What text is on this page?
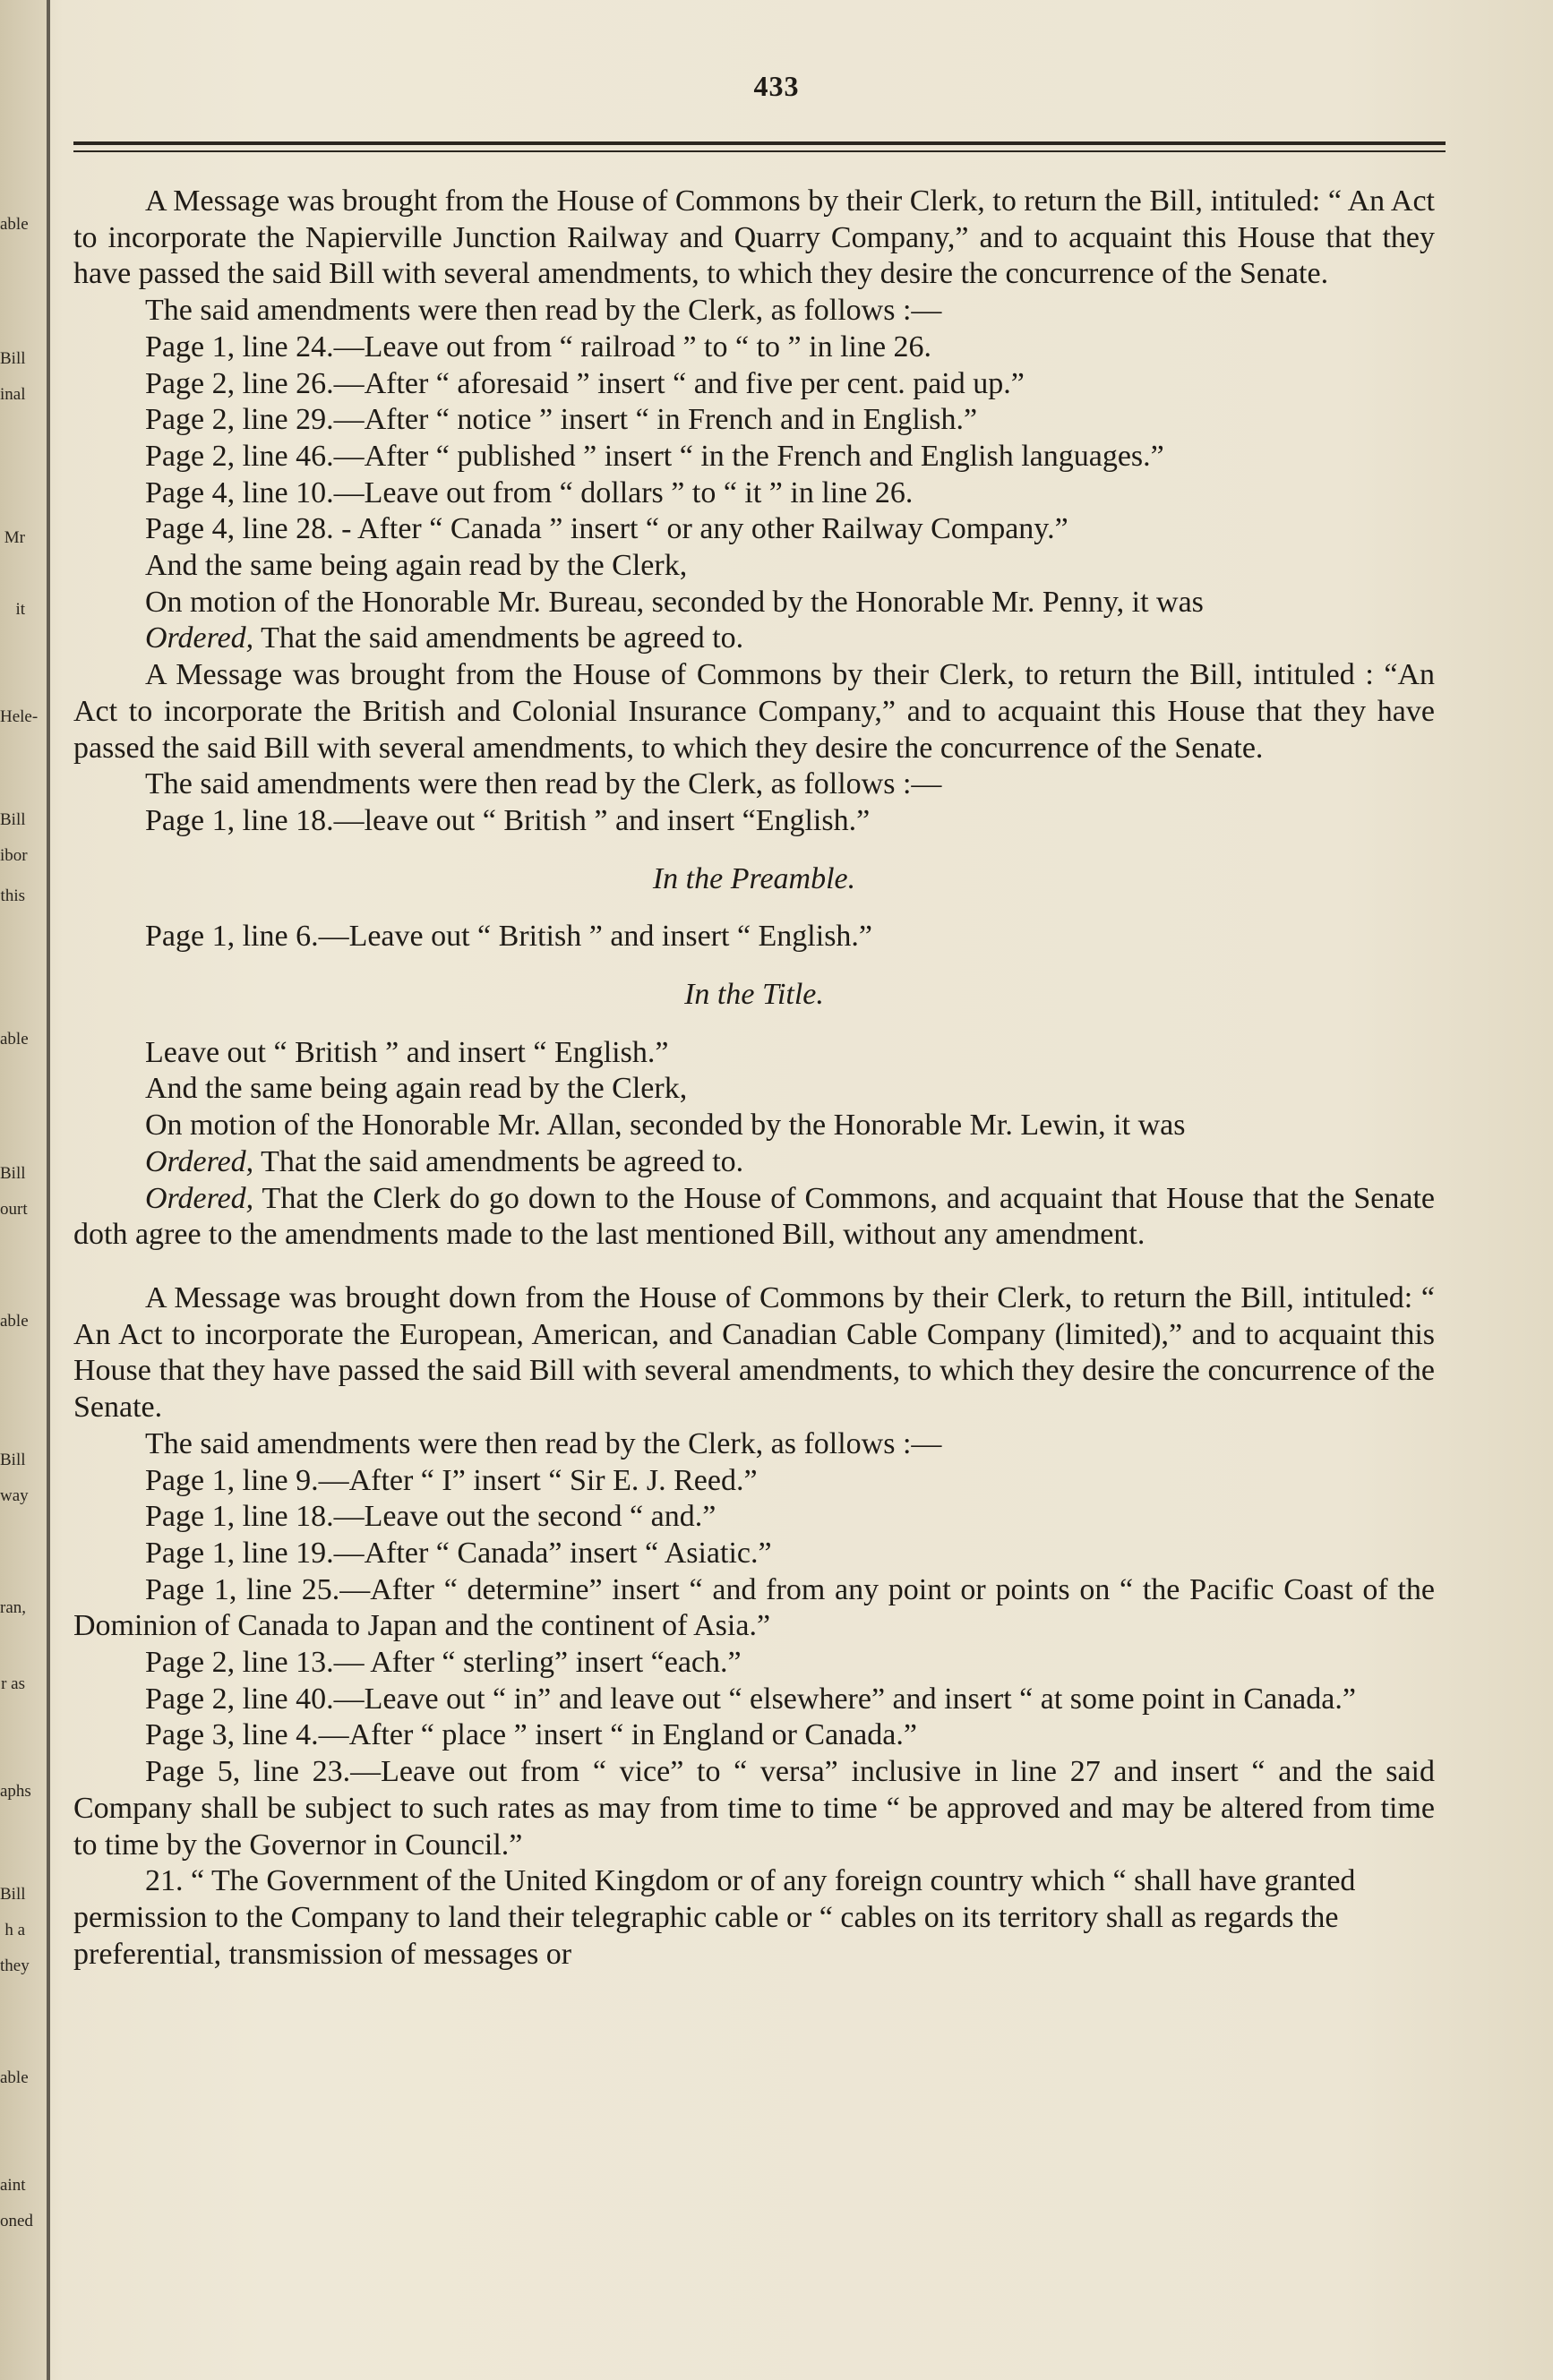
able
Bill
inal
Mr
it
Hele-
Bill
ibor
this
able
Bill
ourt
able
Bill
way
ran,
r as
aphs
Bill
h a
they
able
aint
oned
433

A Message was brought from the House of Commons by their Clerk, to return the Bill, intituled: “ An Act to incorporate the Napierville Junction Railway and Quarry Company,” and to acquaint this House that they have passed the said Bill with several amendments, to which they desire the concurrence of the Senate.

The said amendments were then read by the Clerk, as follows :—

Page 1, line 24.—Leave out from “ railroad ” to “ to ” in line 26.

Page 2, line 26.—After “ aforesaid ” insert “ and five per cent. paid up.”

Page 2, line 29.—After “ notice ” insert “ in French and in English.”

Page 2, line 46.—After “ published ” insert “ in the French and English languages.”

Page 4, line 10.—Leave out from “ dollars ” to “ it ” in line 26.

Page 4, line 28. - After “ Canada ” insert “ or any other Railway Company.”

And the same being again read by the Clerk,

On motion of the Honorable Mr. Bureau, seconded by the Honorable Mr. Penny, it was

Ordered, That the said amendments be agreed to.

A Message was brought from the House of Commons by their Clerk, to return the Bill, intituled : “An Act to incorporate the British and Colonial Insurance Company,” and to acquaint this House that they have passed the said Bill with several amendments, to which they desire the concurrence of the Senate.

The said amendments were then read by the Clerk, as follows :—

Page 1, line 18.—leave out “ British ” and insert “English.”

In the Preamble.

Page 1, line 6.—Leave out “ British ” and insert “ English.”

In the Title.

Leave out “ British ” and insert “ English.”

And the same being again read by the Clerk,

On motion of the Honorable Mr. Allan, seconded by the Honorable Mr. Lewin, it was

Ordered, That the said amendments be agreed to.

Ordered, That the Clerk do go down to the House of Commons, and acquaint that House that the Senate doth agree to the amendments made to the last mentioned Bill, without any amendment.

A Message was brought down from the House of Commons by their Clerk, to return the Bill, intituled: “ An Act to incorporate the European, American, and Canadian Cable Company (limited),” and to acquaint this House that they have passed the said Bill with several amendments, to which they desire the concurrence of the Senate.

The said amendments were then read by the Clerk, as follows :—

Page 1, line 9.—After “ I” insert “ Sir E. J. Reed.”

Page 1, line 18.—Leave out the second “ and.”

Page 1, line 19.—After “ Canada” insert “ Asiatic.”

Page 1, line 25.—After “ determine” insert “ and from any point or points on “ the Pacific Coast of the Dominion of Canada to Japan and the continent of Asia.”

Page 2, line 13.— After “ sterling” insert “each.”

Page 2, line 40.—Leave out “ in” and leave out “ elsewhere” and insert “ at some point in Canada.”

Page 3, line 4.—After “ place ” insert “ in England or Canada.”

Page 5, line 23.—Leave out from “ vice” to “ versa” inclusive in line 27 and insert “ and the said Company shall be subject to such rates as may from time to time “ be approved and may be altered from time to time by the Governor in Council.”

21. “ The Government of the United Kingdom or of any foreign country which “ shall have granted permission to the Company to land their telegraphic cable or “ cables on its territory shall as regards the preferential, transmission of messages or
